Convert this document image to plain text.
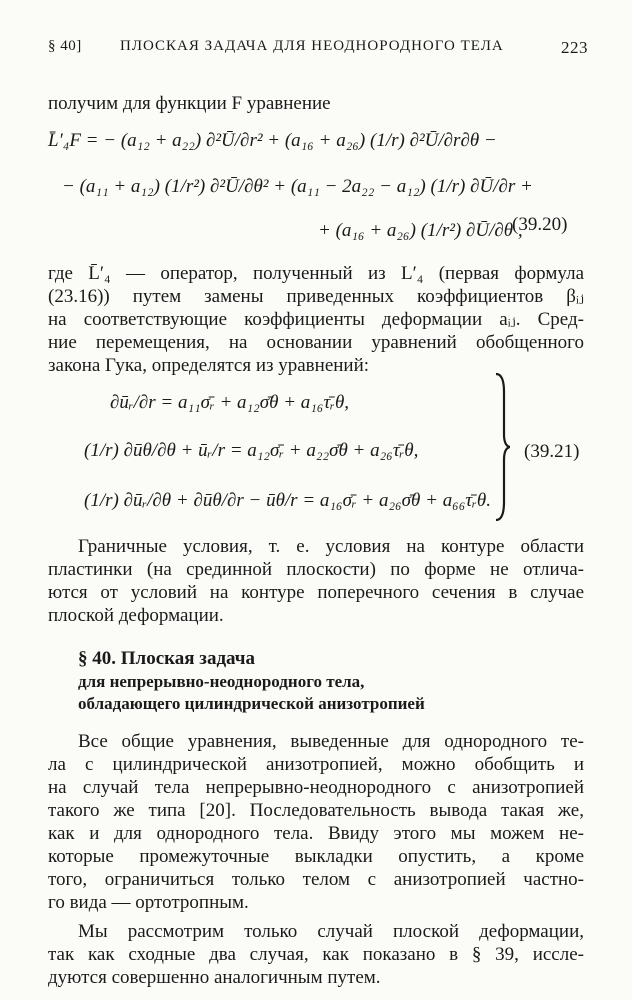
§ 40]	ПЛОСКАЯ ЗАДАЧА ДЛЯ НЕОДНОРОДНОГО ТЕЛА	223
получим для функции F уравнение
L̄′₄F = − (a₁₂ + a₂₂) ∂²Ū/∂r² + (a₁₆ + a₂₆) (1/r) ∂²Ū/∂r∂θ −
− (a₁₁ + a₁₂) (1/r²) ∂²Ū/∂θ² + (a₁₁ − 2a₂₂ − a₁₂) (1/r) ∂Ū/∂r +
+ (a₁₆ + a₂₆) (1/r²) ∂Ū/∂θ ,
(39.20)
где L̄′₄ — оператор, полученный из L′₄ (первая формула
(23.16)) путем замены приведенных коэффициентов βᵢⱼ
на соответствующие коэффициенты деформации aᵢⱼ. Сред-
ние перемещения, на основании уравнений обобщенного
закона Гука, определятся из уравнений:
∂ūᵣ/∂r = a₁₁σ̄ᵣ + a₁₂σ̄θ + a₁₆τ̄ᵣθ,
(1/r) ∂ūθ/∂θ + ūᵣ/r = a₁₂σ̄ᵣ + a₂₂σ̄θ + a₂₆τ̄ᵣθ,
(1/r) ∂ūᵣ/∂θ + ∂ūθ/∂r − ūθ/r = a₁₆σ̄ᵣ + a₂₆σ̄θ + a₆₆τ̄ᵣθ.
(39.21)
Граничные условия, т. е. условия на контуре области
пластинки (на срединной плоскости) по форме не отлича-
ются от условий на контуре поперечного сечения в случае
плоской деформации.
§ 40. Плоская задача
для непрерывно-неоднородного тела,
обладающего цилиндрической анизотропией
Все общие уравнения, выведенные для однородного те-
ла с цилиндрической анизотропией, можно обобщить и
на случай тела непрерывно-неоднородного с анизотропией
такого же типа [20]. Последовательность вывода такая же,
как и для однородного тела. Ввиду этого мы можем не-
которые промежуточные выкладки опустить, а кроме
того, ограничиться только телом с анизотропией частно-
го вида — ортотропным.
Мы рассмотрим только случай плоской деформации,
так как сходные два случая, как показано в § 39, иссле-
дуются совершенно аналогичным путем.
